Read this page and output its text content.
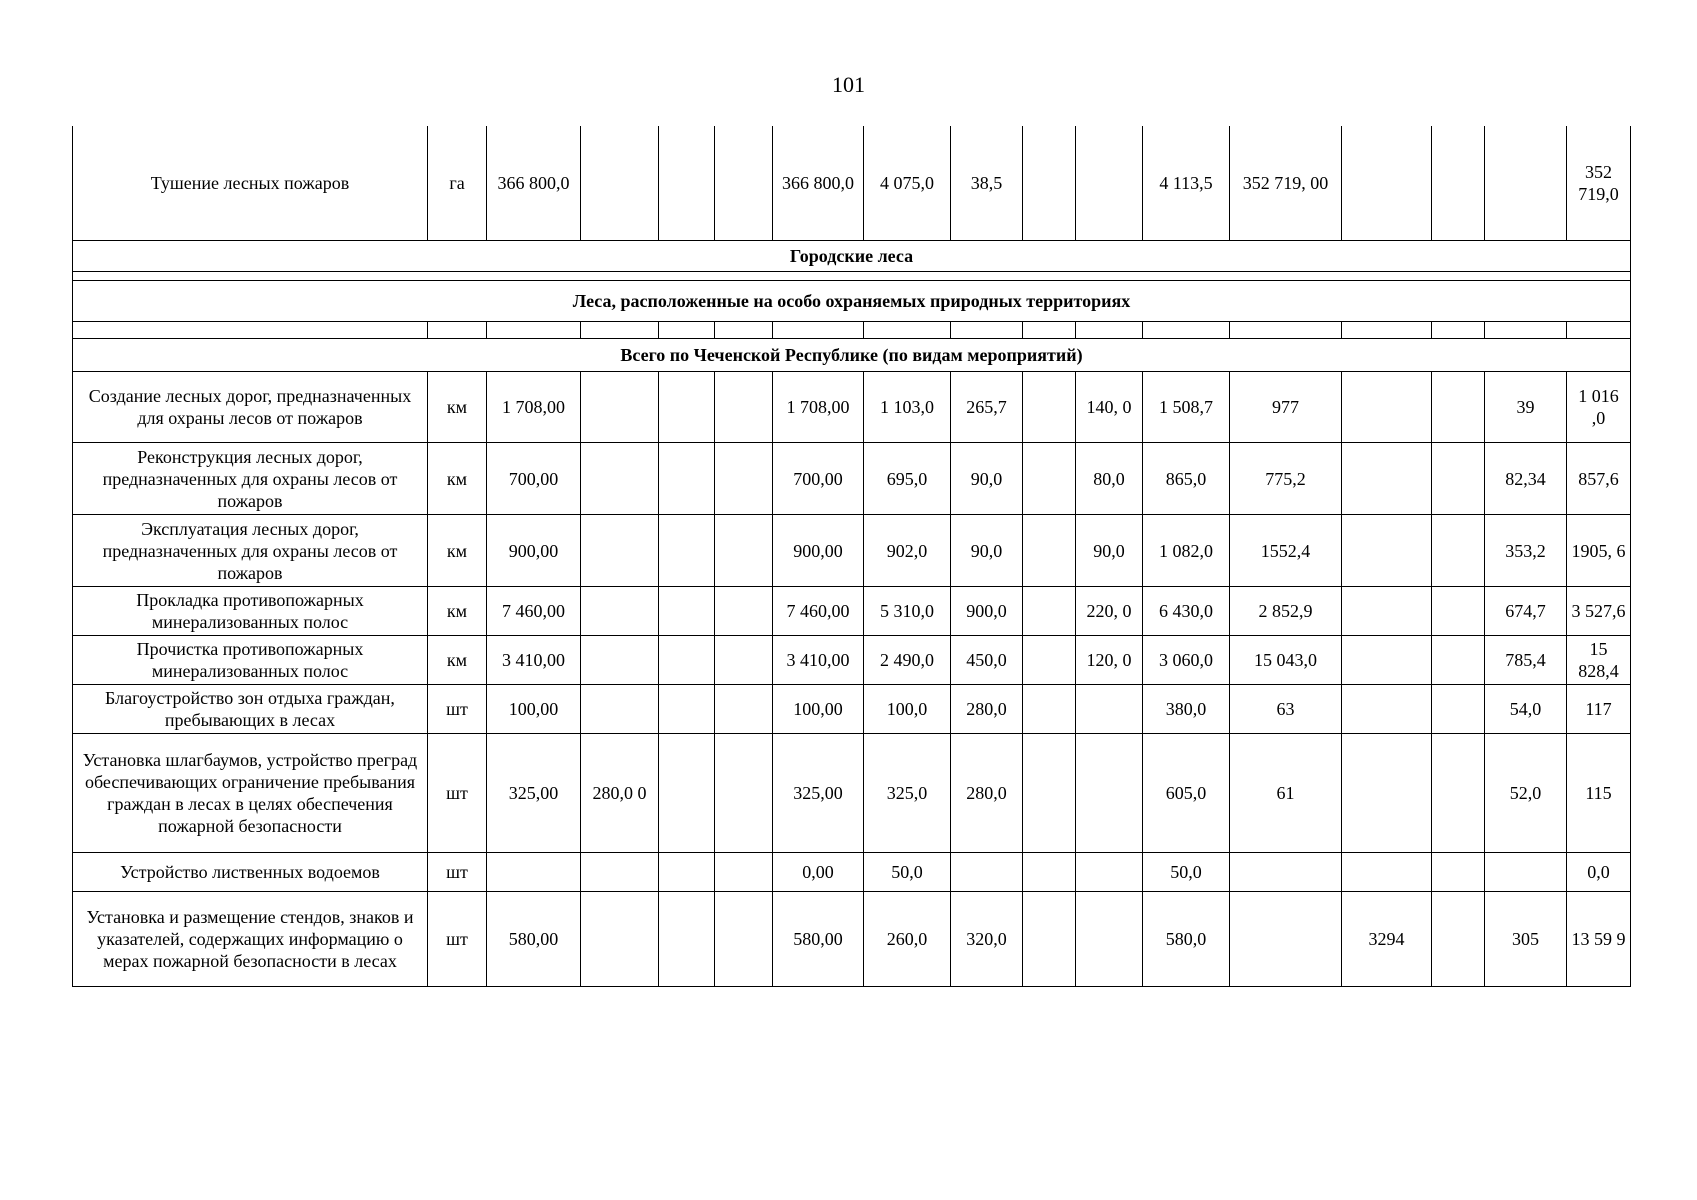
101
Тушение лесных пожаров	га	366 800,0				366 800,0	4 075,0	38,5			4 113,5	352 719, 00				352 719,0
Городские леса																

Леса, расположенные на особо охраняемых природных территориях																

Всего по Чеченской Республике (по видам мероприятий)																
Создание лесных дорог, предназначенных для охраны лесов от пожаров	км	1 708,00				1 708,00	1 103,0	265,7		140, 0	1 508,7	977			39	1 016 ,0
Реконструкция лесных дорог, предназначенных для охраны лесов от пожаров	км	700,00				700,00	695,0	90,0		80,0	865,0	775,2			82,34	857,6
Эксплуатация лесных дорог, предназначенных для охраны лесов от пожаров	км	900,00				900,00	902,0	90,0		90,0	1 082,0	1552,4			353,2	1905, 6
Прокладка противопожарных минерализованных полос	км	7 460,00				7 460,00	5 310,0	900,0		220, 0	6 430,0	2 852,9			674,7	3 527,6
Прочистка противопожарных минерализованных полос	км	3 410,00				3 410,00	2 490,0	450,0		120, 0	3 060,0	15 043,0			785,4	15 828,4
Благоустройство зон отдыха граждан, пребывающих в лесах	шт	100,00				100,00	100,0	280,0			380,0	63			54,0	117
Установка шлагбаумов, устройство преград обеспечивающих ограничение пребывания граждан в лесах в целях обеспечения пожарной безопасности	шт	325,00	280,0 0			325,00	325,0	280,0			605,0	61			52,0	115
Устройство лиственных водоемов	шт					0,00	50,0				50,0					0,0
Установка и размещение стендов, знаков и указателей, содержащих информацию о мерах пожарной безопасности в лесах	шт	580,00				580,00	260,0	320,0			580,0		3294		305	13 59 9
